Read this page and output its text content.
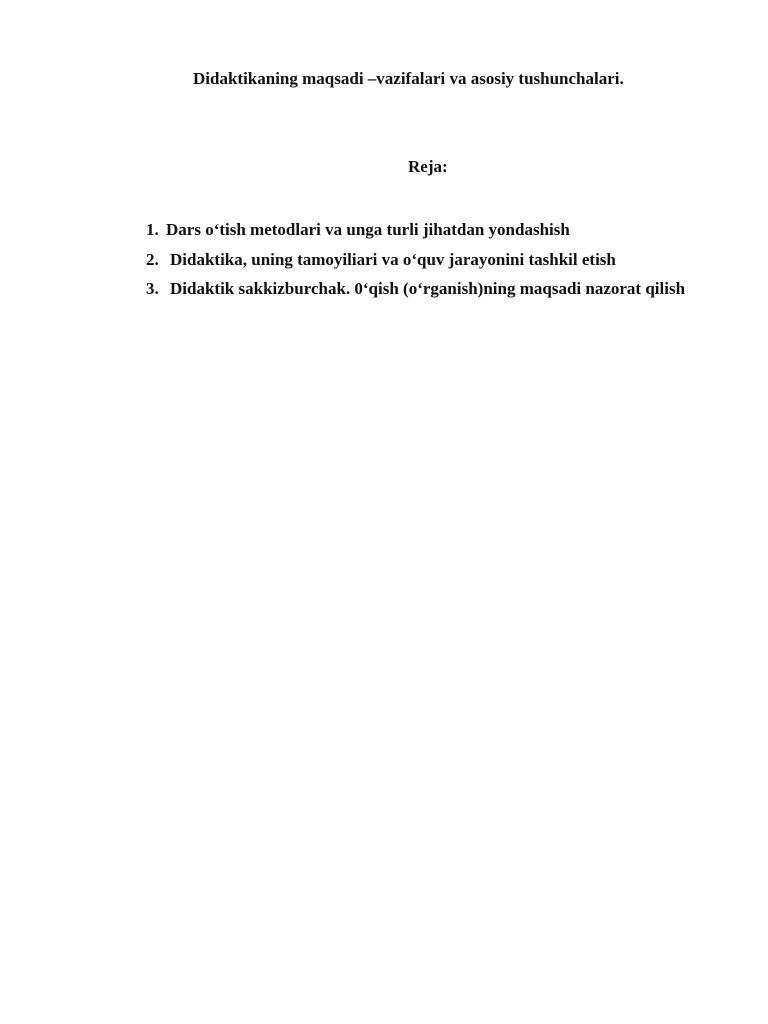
Didaktikaning maqsadi –vazifalari va asosiy tushunchalari.
Reja:
1. Dars o‘tish metodlari va unga turli jihatdan yondashish
2. Didaktika, uning tamoyiliari va o‘quv jarayonini tashkil etish
3. Didaktik sakkizburchak. 0‘qish (o‘rganish)ning maqsadi nazorat qilish
